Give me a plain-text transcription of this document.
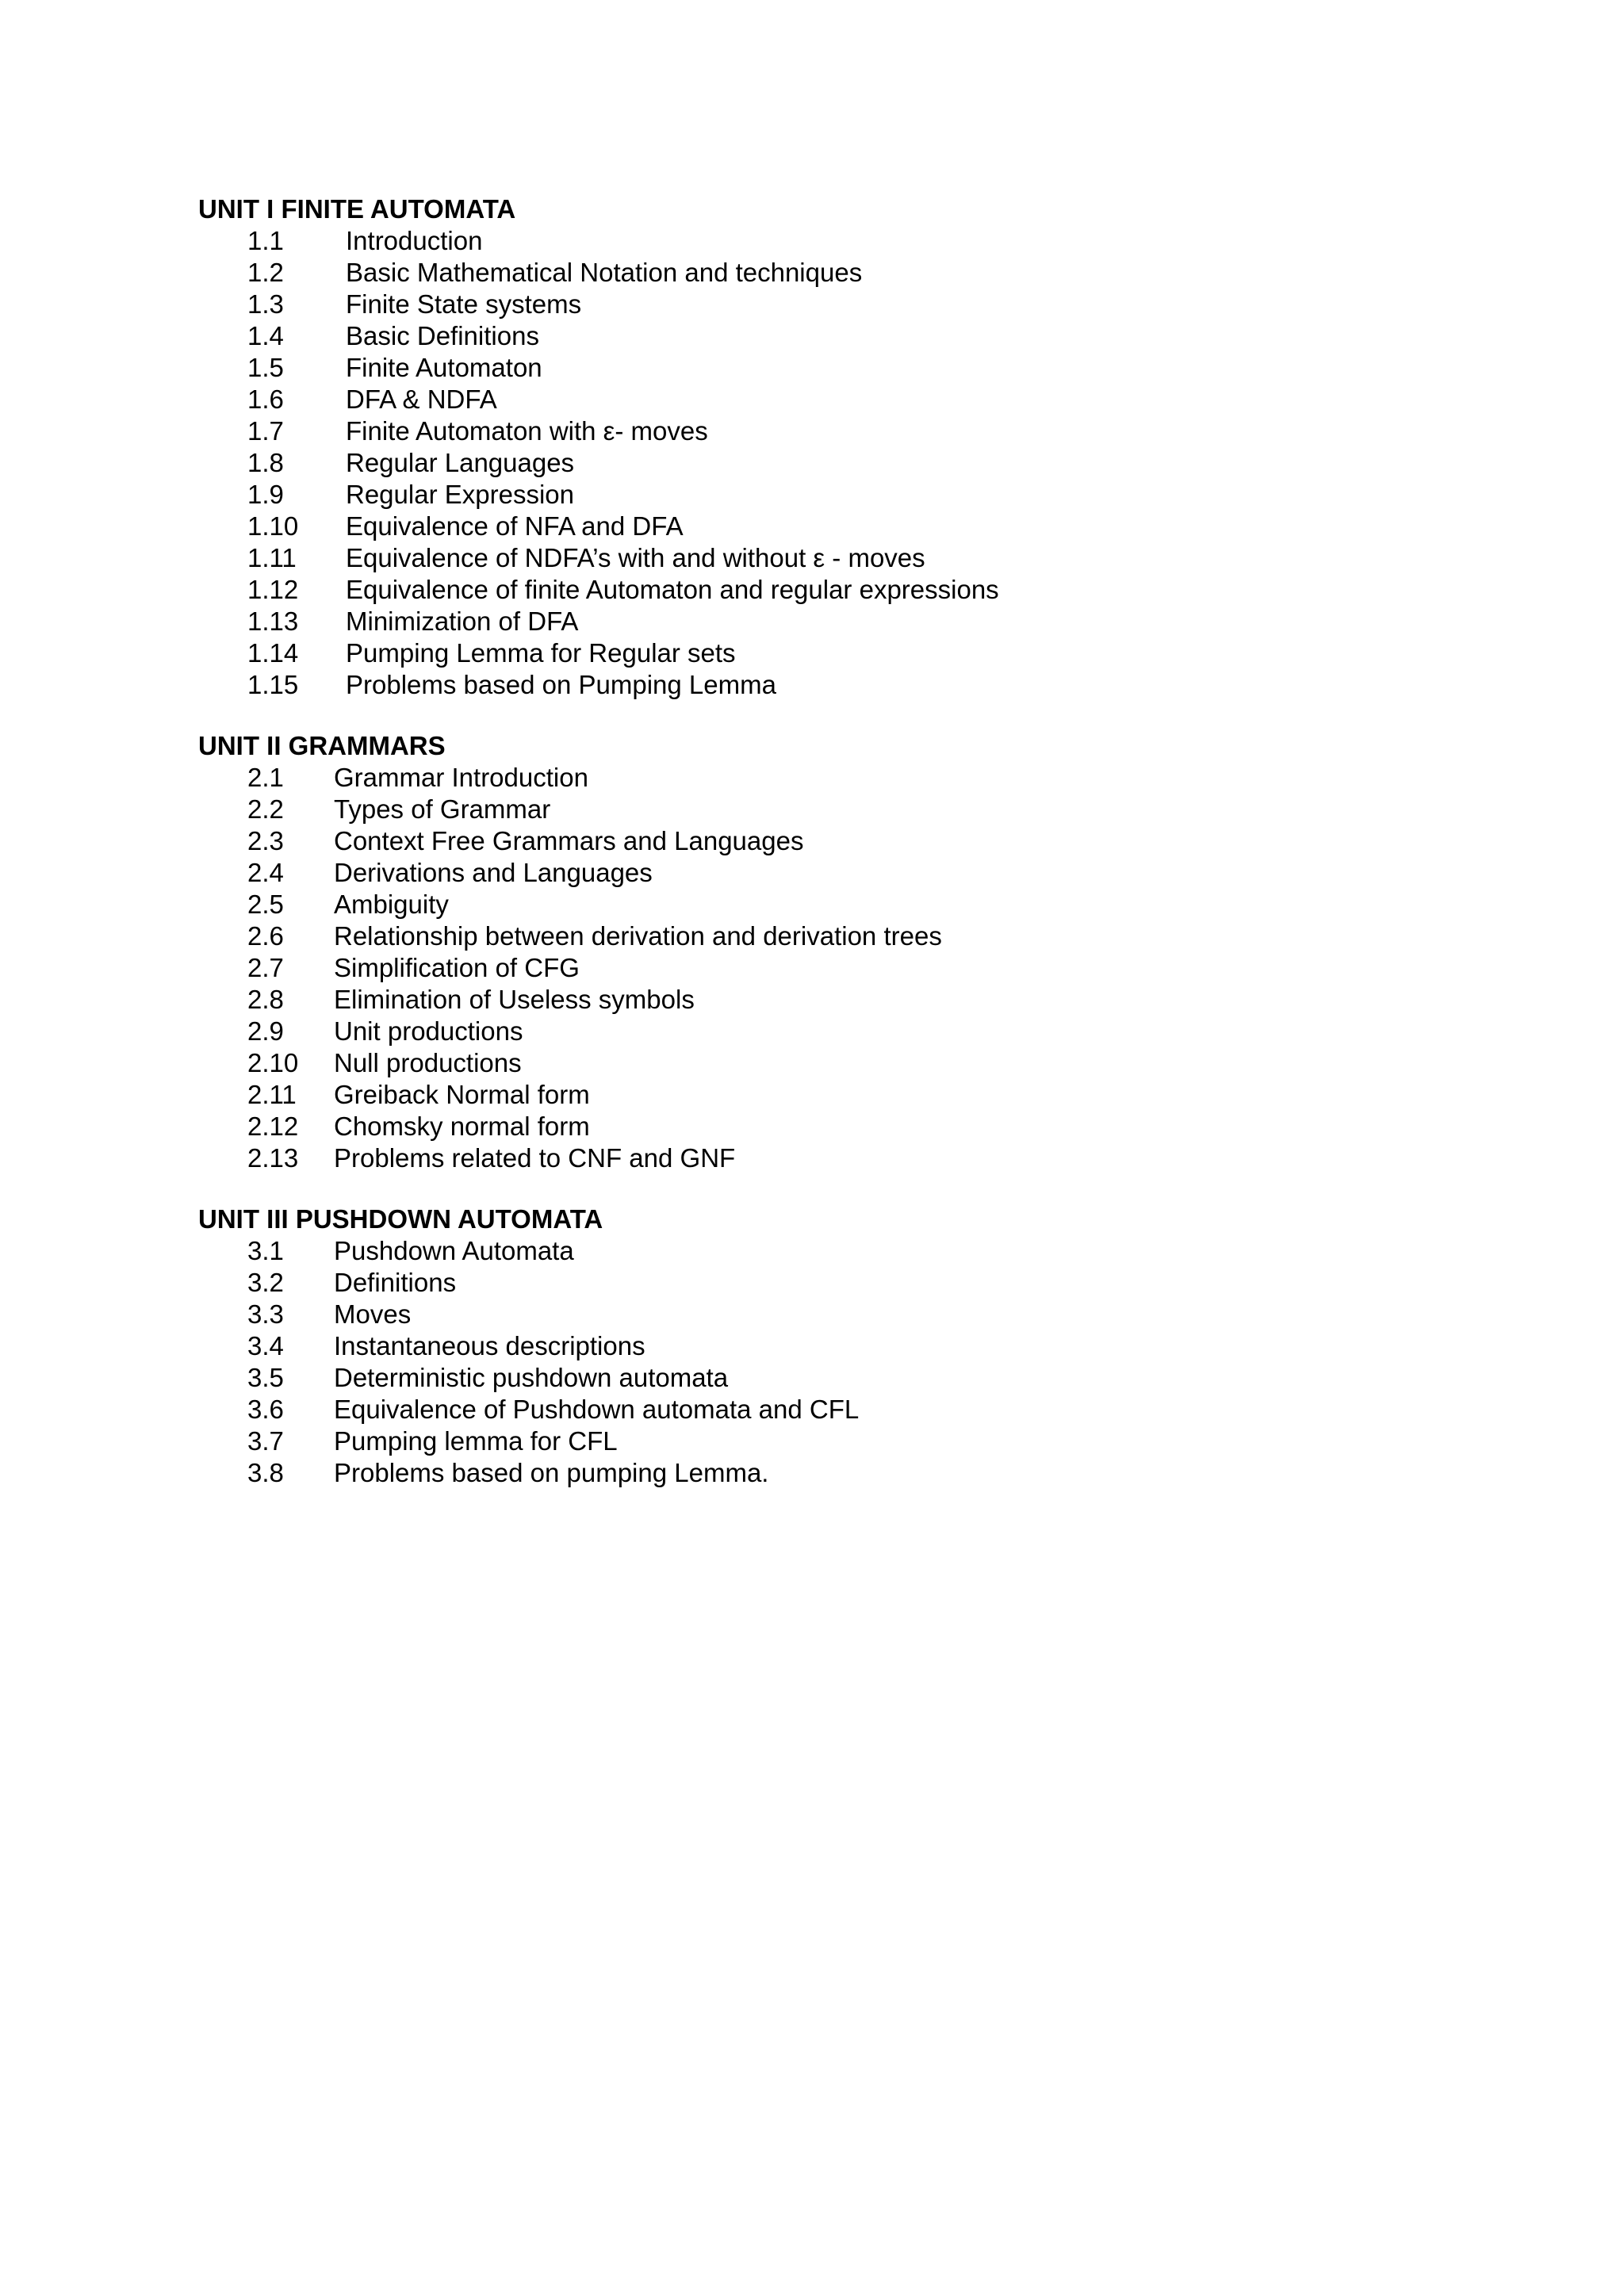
UNIT I FINITE AUTOMATA
1.1 Introduction
1.2 Basic Mathematical Notation and techniques
1.3 Finite State systems
1.4 Basic Definitions
1.5 Finite Automaton
1.6 DFA & NDFA
1.7 Finite Automaton with ε- moves
1.8 Regular Languages
1.9 Regular Expression
1.10 Equivalence of NFA and DFA
1.11 Equivalence of NDFA’s with and without ε - moves
1.12 Equivalence of finite Automaton and regular expressions
1.13 Minimization of DFA
1.14 Pumping Lemma for Regular sets
1.15 Problems based on Pumping Lemma
UNIT II GRAMMARS
2.1 Grammar Introduction
2.2 Types of Grammar
2.3 Context Free Grammars and Languages
2.4 Derivations and Languages
2.5 Ambiguity
2.6 Relationship between derivation and derivation trees
2.7 Simplification of CFG
2.8 Elimination of Useless symbols
2.9 Unit productions
2.10 Null productions
2.11 Greiback Normal form
2.12 Chomsky normal form
2.13 Problems related to CNF and GNF
UNIT III PUSHDOWN AUTOMATA
3.1 Pushdown Automata
3.2 Definitions
3.3 Moves
3.4 Instantaneous descriptions
3.5 Deterministic pushdown automata
3.6 Equivalence of Pushdown automata and CFL
3.7 Pumping lemma for CFL
3.8 Problems based on pumping Lemma.
